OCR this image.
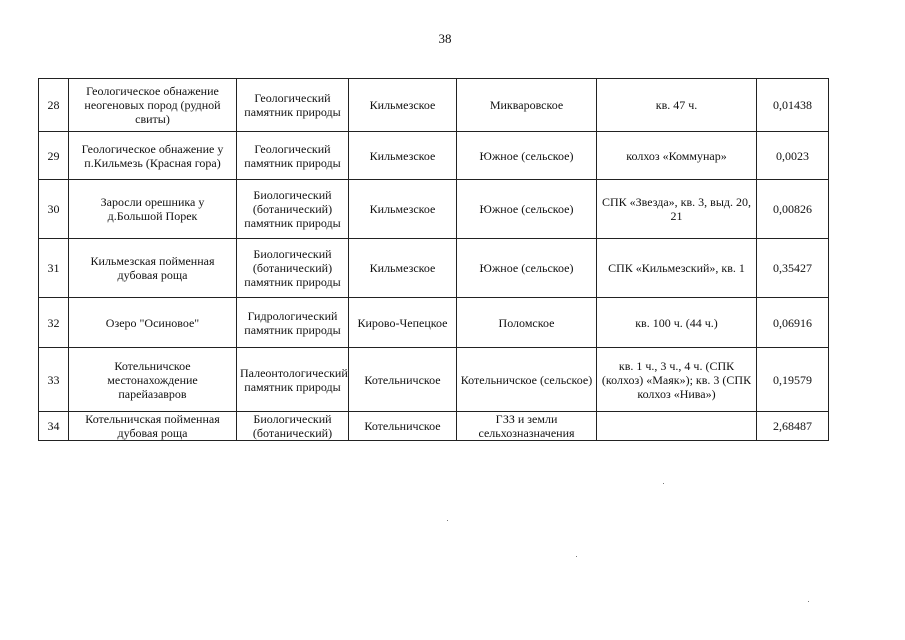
38
28	Геологическое обнажение неогеновых пород (рудной свиты)	Геологический памятник природы	Кильмезское	Микваровское	кв. 47 ч.	0,01438
29	Геологическое обнажение у п.Кильмезь (Красная гора)	Геологический памятник природы	Кильмезское	Южное (сельское)	колхоз «Коммунар»	0,0023
30	Заросли орешника у д.Большой Порек	Биологический (ботанический) памятник природы	Кильмезское	Южное (сельское)	СПК «Звезда», кв. 3, выд. 20, 21	0,00826
31	Кильмезская пойменная дубовая роща	Биологический (ботанический) памятник природы	Кильмезское	Южное (сельское)	СПК «Кильмезский», кв. 1	0,35427
32	Озеро "Осиновое"	Гидрологический памятник природы	Кирово-Чепецкое	Поломское	кв. 100 ч. (44 ч.)	0,06916
33	Котельничское местонахождение парейазавров	Палеонтологический памятник природы	Котельничское	Котельничское (сельское)	кв. 1 ч., 3 ч., 4 ч. (СПК (колхоз) «Маяк»); кв. 3 (СПК колхоз «Нива»)	0,19579
34	Котельничская пойменная дубовая роща	Биологический (ботанический)	Котельничское	ГЗЗ и земли сельхозназначения		2,68487
